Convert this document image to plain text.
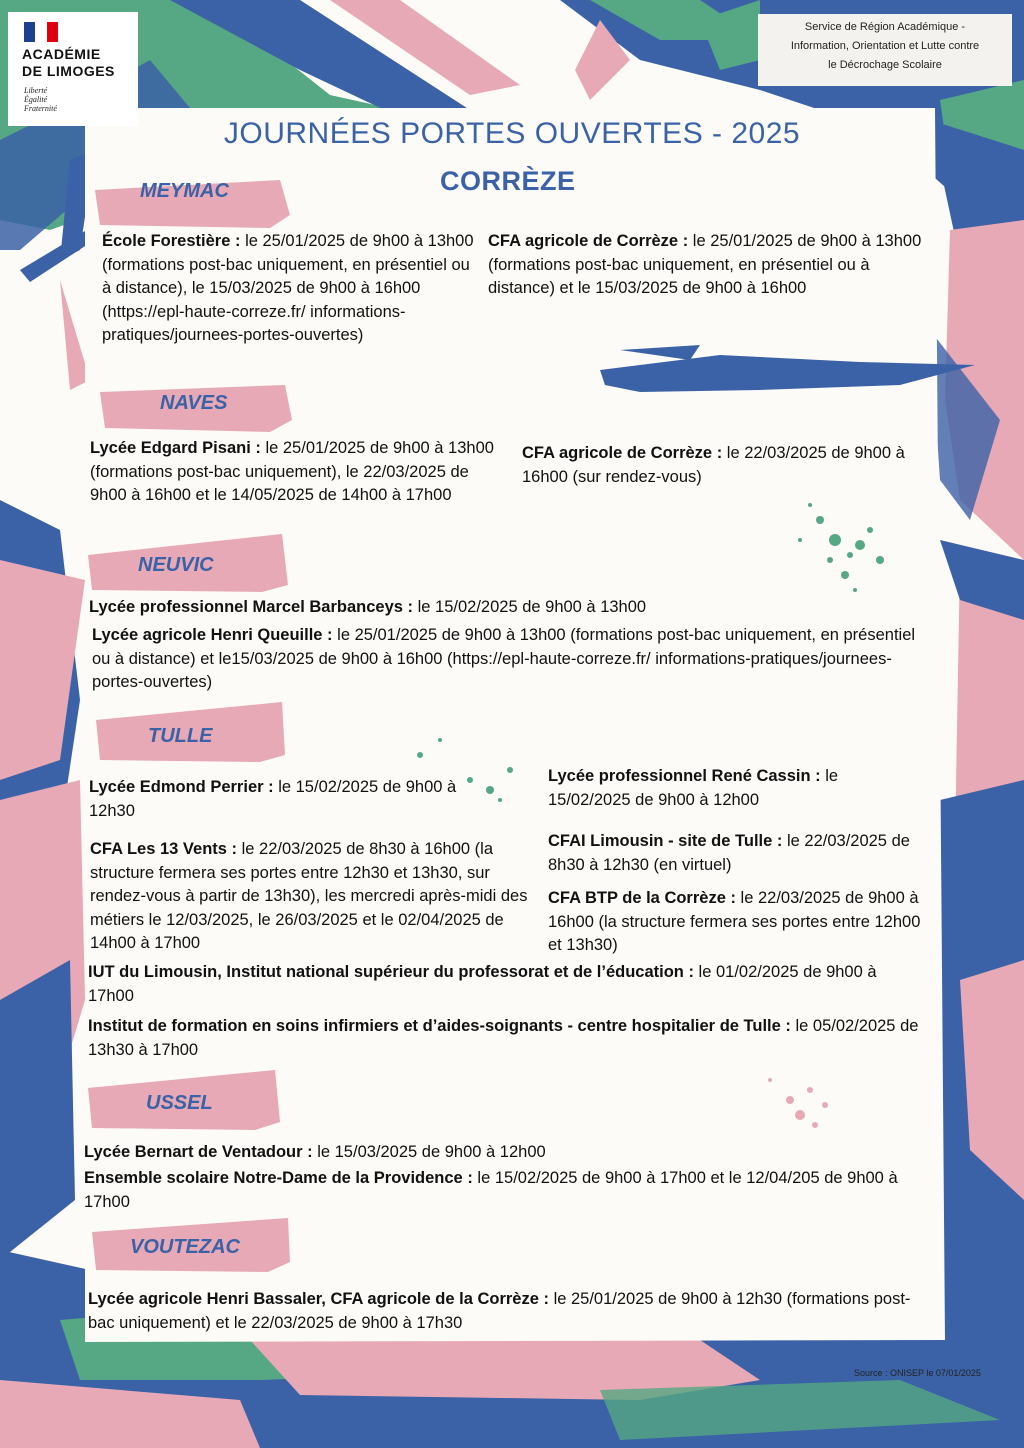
ACADÉMIE
DE LIMOGES
Liberté
Égalité
Fraternité
Service de Région Académique -
Information, Orientation et Lutte contre
le Décrochage Scolaire
JOURNÉES PORTES OUVERTES - 2025
CORRÈZE
MEYMAC
École Forestière : le 25/01/2025 de 9h00 à 13h00 (formations post-bac uniquement, en présentiel ou à distance), le 15/03/2025 de 9h00 à 16h00 (https://epl-haute-correze.fr/ informations-pratiques/journees-portes-ouvertes)
CFA agricole de Corrèze : le 25/01/2025 de 9h00 à 13h00 (formations post-bac uniquement, en présentiel ou à distance) et le 15/03/2025 de 9h00 à 16h00
NAVES
Lycée Edgard Pisani : le 25/01/2025 de 9h00 à 13h00 (formations post-bac uniquement), le 22/03/2025 de 9h00 à 16h00 et le 14/05/2025 de 14h00 à 17h00
CFA agricole de Corrèze : le 22/03/2025 de 9h00 à 16h00 (sur rendez-vous)
NEUVIC
Lycée professionnel Marcel Barbanceys : le 15/02/2025 de 9h00 à 13h00
Lycée agricole Henri Queuille : le 25/01/2025 de 9h00 à 13h00 (formations post-bac uniquement, en présentiel ou à distance) et le15/03/2025 de 9h00 à 16h00 (https://epl-haute-correze.fr/ informations-pratiques/journees-portes-ouvertes)
TULLE
Lycée Edmond Perrier : le 15/02/2025 de 9h00 à 12h30
Lycée professionnel René Cassin : le 15/02/2025 de 9h00 à 12h00
CFA Les 13 Vents : le 22/03/2025 de 8h30 à 16h00 (la structure fermera ses portes entre 12h30 et 13h30, sur rendez-vous à partir de 13h30), les mercredi après-midi des métiers le 12/03/2025, le 26/03/2025 et le 02/04/2025 de 14h00 à 17h00
CFAI Limousin - site de Tulle : le 22/03/2025 de 8h30 à 12h30 (en virtuel)
CFA BTP de la Corrèze : le 22/03/2025 de 9h00 à 16h00 (la structure fermera ses portes entre 12h00 et 13h30)
IUT du Limousin, Institut national supérieur du professorat et de l’éducation : le 01/02/2025 de 9h00 à 17h00
Institut de formation en soins infirmiers et d’aides-soignants - centre hospitalier de Tulle : le 05/02/2025 de 13h30 à 17h00
USSEL
Lycée Bernart de Ventadour : le 15/03/2025 de 9h00 à 12h00
Ensemble scolaire Notre-Dame de la Providence : le 15/02/2025 de 9h00 à 17h00 et le 12/04/205 de 9h00 à 17h00
VOUTEZAC
Lycée agricole Henri Bassaler, CFA agricole de la Corrèze : le 25/01/2025 de 9h00 à 12h30 (formations post-bac uniquement) et le 22/03/2025 de 9h00 à 17h30
Source : ONISEP le 07/01/2025
